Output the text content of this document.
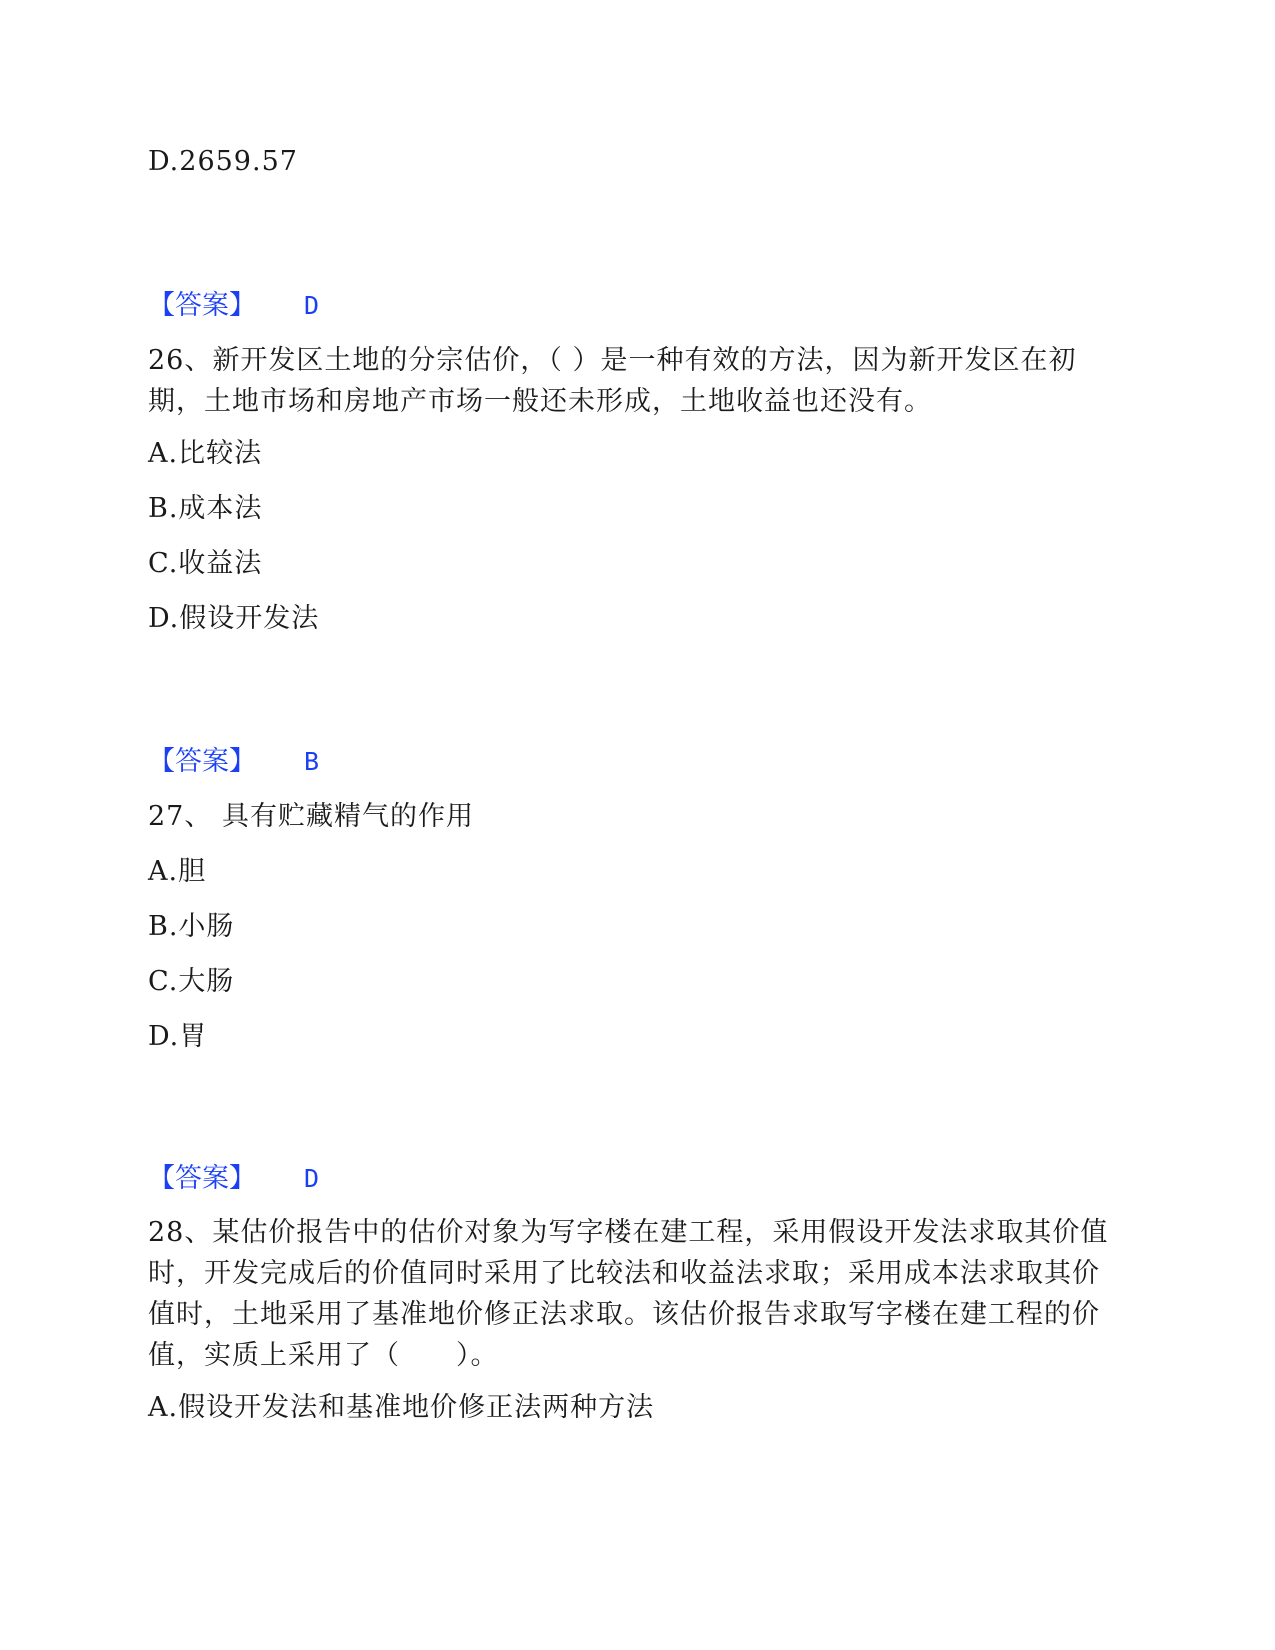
D.2659.57
【答案】 D
26、新开发区土地的分宗估价，（ ）是一种有效的方法，因为新开发区在初期，土地市场和房地产市场一般还未形成，土地收益也还没有。
A.比较法
B.成本法
C.收益法
D.假设开发法
【答案】 B
27、 具有贮藏精气的作用
A.胆
B.小肠
C.大肠
D.胃
【答案】 D
28、某估价报告中的估价对象为写字楼在建工程，采用假设开发法求取其价值时，开发完成后的价值同时采用了比较法和收益法求取；采用成本法求取其价值时，土地采用了基准地价修正法求取。该估价报告求取写字楼在建工程的价值，实质上采用了（　　）。
A.假设开发法和基准地价修正法两种方法
